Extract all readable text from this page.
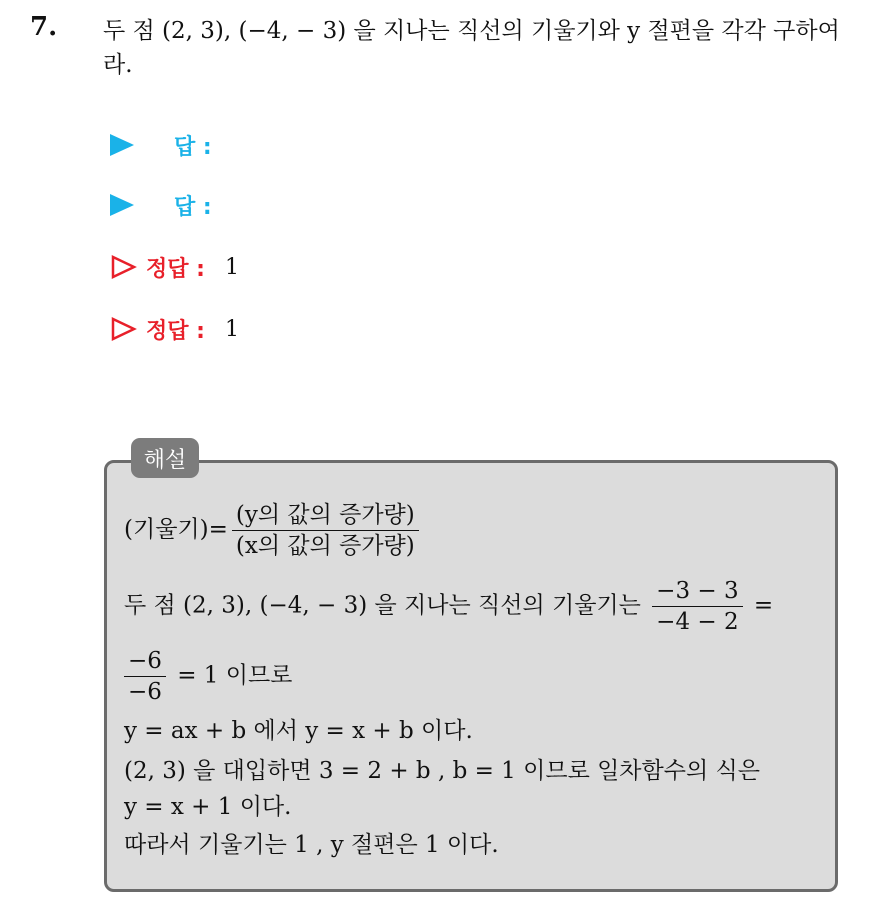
7. 두 점 (2, 3), (−4, − 3) 을 지나는 직선의 기울기와 y 절편을 각각 구하여라.
답 :
답 :
정답 : 1
정답 : 1
해설
(기울기)= $\frac{\text{(y의 값의 증가량)}}{\text{(x의 값의 증가량)}}$
두 점 (2, 3), (−4, − 3) 을 지나는 직선의 기울기는 $\frac{-3 - 3}{-4 - 2}$ =
$\frac{-6}{-6} = 1$ 이므로
y = ax + b 에서 y = x + b 이다.
(2, 3) 을 대입하면 3 = 2 + b , b = 1 이므로 일차함수의 식은
y = x + 1 이다.
따라서 기울기는 1 , y 절편은 1 이다.
